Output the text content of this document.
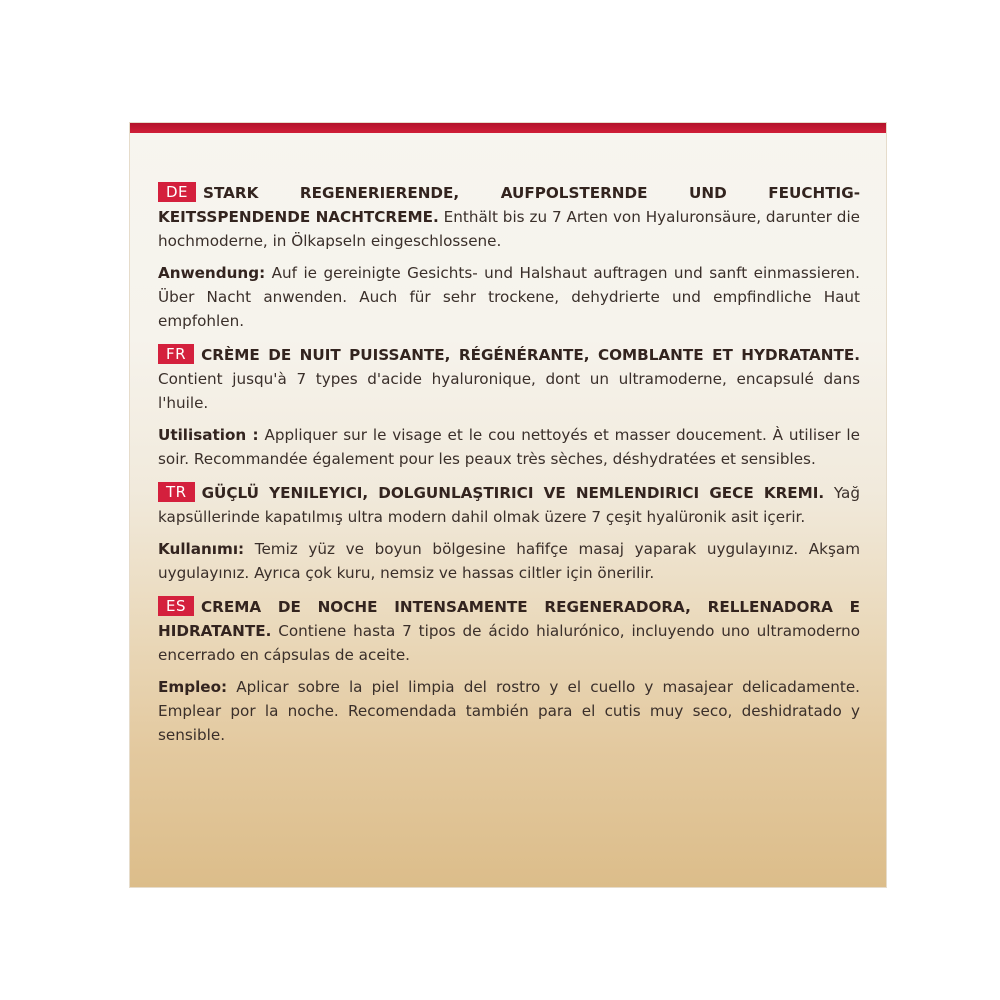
DE STARK REGENERIERENDE, AUFPOLSTERNDE UND FEUCHTIGKEITSSPENDENDE NACHTCREME. Enthält bis zu 7 Arten von Hyaluronsäure, darunter die hochmoderne, in Ölkapseln eingeschlossene.

Anwendung: Auf ie gereinigte Gesichts- und Halshaut auftragen und sanft einmassieren. Über Nacht anwenden. Auch für sehr trockene, dehydrierte und empfindliche Haut empfohlen.

FR CRÈME DE NUIT PUISSANTE, RÉGÉNÉRANTE, COMBLANTE ET HYDRATANTE. Contient jusqu'à 7 types d'acide hyaluronique, dont un ultramoderne, encapsulé dans l'huile.

Utilisation : Appliquer sur le visage et le cou nettoyés et masser doucement. À utiliser le soir. Recommandée également pour les peaux très sèches, déshydratées et sensibles.

TR GÜÇLÜ YENILEYICI, DOLGUNLAŞTIRICI VE NEMLENDIRICI GECE KREMI. Yağ kapsüllerinde kapatılmış ultra modern dahil olmak üzere 7 çeşit hyalüronik asit içerir.

Kullanımı: Temiz yüz ve boyun bölgesine hafifçe masaj yaparak uygulayınız. Akşam uygulayınız. Ayrıca çok kuru, nemsiz ve hassas ciltler için önerilir.

ES CREMA DE NOCHE INTENSAMENTE REGENERADORA, RELLENADORA E HIDRATANTE. Contiene hasta 7 tipos de ácido hialurónico, incluyendo uno ultramoderno encerrado en cápsulas de aceite.

Empleo: Aplicar sobre la piel limpia del rostro y el cuello y masajear delicadamente. Emplear por la noche. Recomendada también para el cutis muy seco, deshidratado y sensible.
